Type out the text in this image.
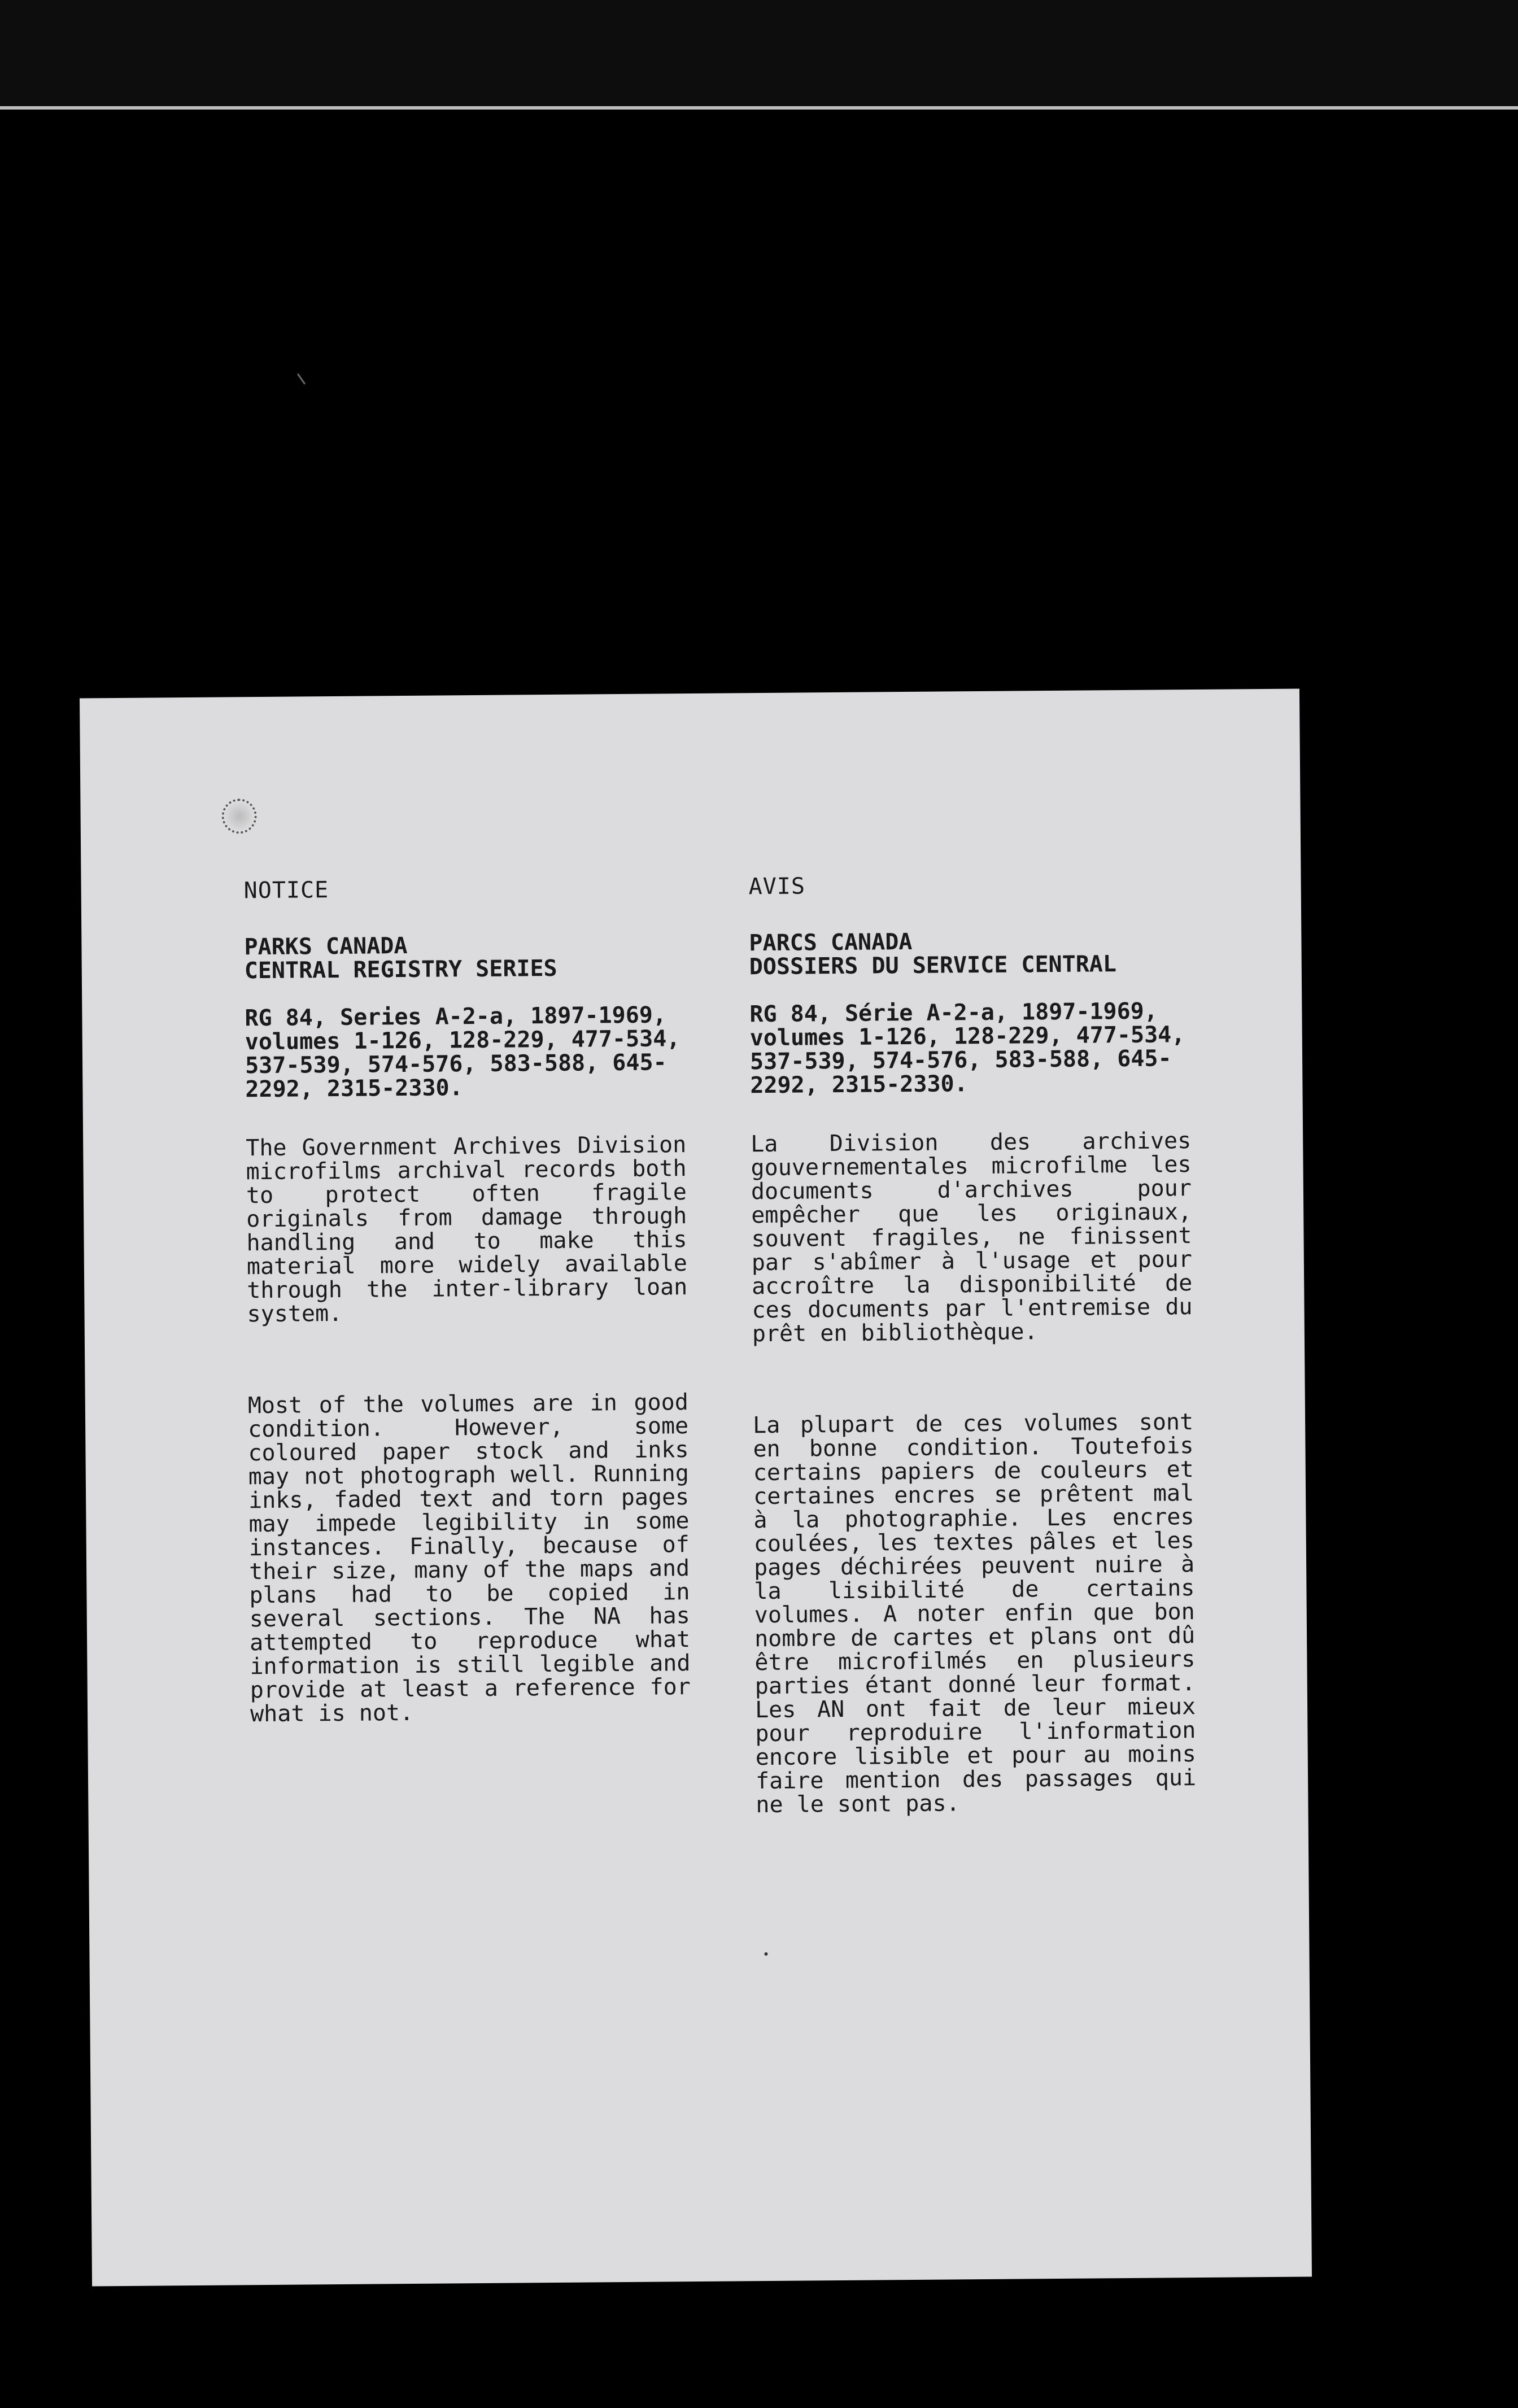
NOTICE
PARKS CANADA
CENTRAL REGISTRY SERIES
RG 84, Series A-2-a, 1897-1969, volumes 1-126, 128-229, 477-534, 537-539, 574-576, 583-588, 645-2292, 2315-2330.
The Government Archives Division microfilms archival records both to protect often fragile originals from damage through handling and to make this material more widely available through the inter-library loan system.
Most of the volumes are in good condition. However, some coloured paper stock and inks may not photograph well. Running inks, faded text and torn pages may impede legibility in some instances. Finally, because of their size, many of the maps and plans had to be copied in several sections. The NA has attempted to reproduce what information is still legible and provide at least a reference for what is not.
AVIS
PARCS CANADA
DOSSIERS DU SERVICE CENTRAL
RG 84, Série A-2-a, 1897-1969, volumes 1-126, 128-229, 477-534, 537-539, 574-576, 583-588, 645-2292, 2315-2330.
La Division des archives gouvernementales microfilme les documents d'archives pour empêcher que les originaux, souvent fragiles, ne finissent par s'abîmer à l'usage et pour accroître la disponibilité de ces documents par l'entremise du prêt en bibliothèque.
La plupart de ces volumes sont en bonne condition. Toutefois certains papiers de couleurs et certaines encres se prêtent mal à la photographie. Les encres coulées, les textes pâles et les pages déchirées peuvent nuire à la lisibilité de certains volumes. A noter enfin que bon nombre de cartes et plans ont dû être microfilmés en plusieurs parties étant donné leur format. Les AN ont fait de leur mieux pour reproduire l'information encore lisible et pour au moins faire mention des passages qui ne le sont pas.
